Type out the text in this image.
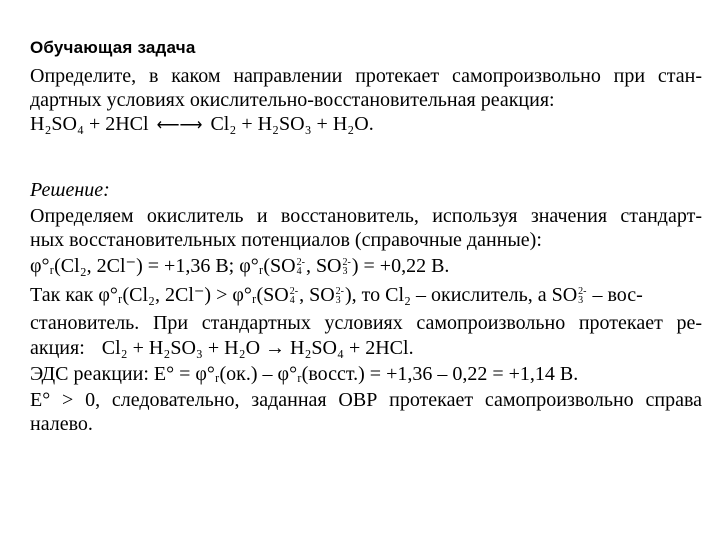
Обучающая задача
Определите, в каком направлении протекает самопроизвольно при стан-
дартных условиях окислительно-восстановительная реакция:
H₂SO₄ + 2HCl ⟵⟶ Cl₂ + H₂SO₃ + H₂O.
Решение:
Определяем окислитель и восстановитель, используя значения стандарт-
ных восстановительных потенциалов (справочные данные):
φ°ᵣ(Cl₂, 2Cl⁻) = +1,36 В; φ°ᵣ(SO 2-
4 , SO 2-
3 ) = +0,22 В.
Так как φ°ᵣ(Cl₂, 2Cl⁻) > φ°ᵣ(SO 2-
4 , SO 2-
3 ), то Cl₂ – окислитель, а SO 2-
3 – вос-
становитель. При стандартных условиях самопроизвольно протекает ре-
акция: Cl₂ + H₂SO₃ + H₂O → H₂SO₄ + 2HCl.
ЭДС реакции: E° = φ°ᵣ(ок.) – φ°ᵣ(восст.) = +1,36 – 0,22 = +1,14 В.
E° > 0, следовательно, заданная ОВР протекает самопроизвольно справа
налево.
